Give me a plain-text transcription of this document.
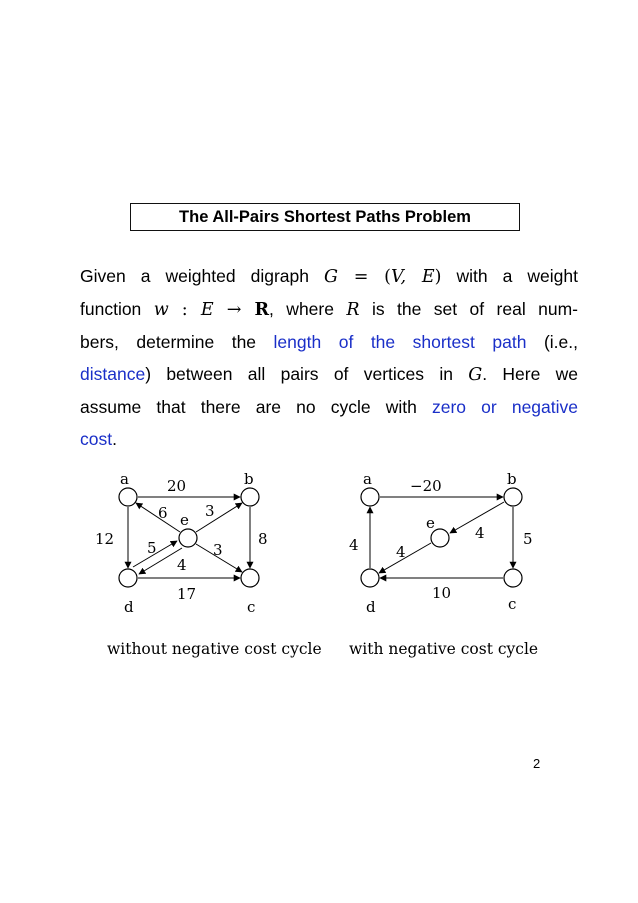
The All-Pairs Shortest Paths Problem
Given a weighted digraph G = (V, E) with a weight
function w : E → R, where R is the set of real num-
bers, determine the length of the shortest path (i.e.,
distance) between all pairs of vertices in G. Here we
assume that there are no cycle with zero or negative
cost.
a	b
e
d	c
20
12	8
17
6 3
3
5
4
a	b
e
d	c
−20
4	5
10
4 4
without negative cost cycle with negative cost cycle
2
